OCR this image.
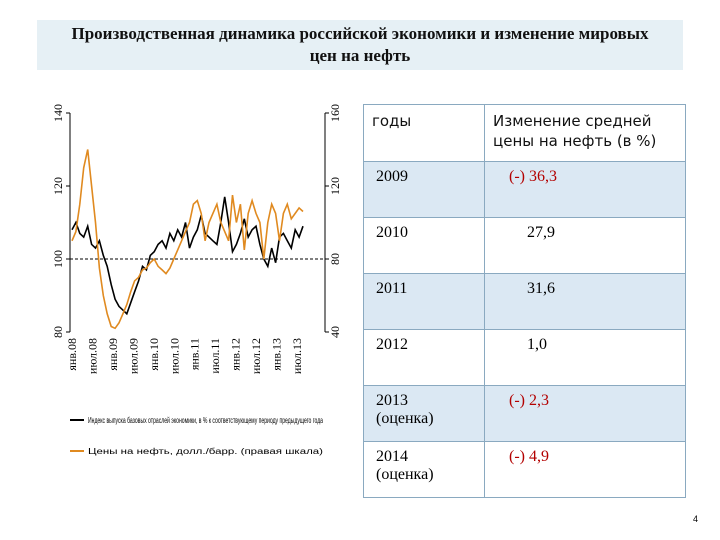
Производственная динамика российской экономики и изменение мировых цен на нефть
140
120
100
80
160
120
80
40
янв.08 июл.08 янв.09 июл.09 янв.10 июл.10 янв.11 июл.11 янв.12 июл.12 янв.13 июл.13
Индекс выпуска базовых отраслей экономики, в % к соответствующему периоду предыдущего года
Цены на нефть, долл./барр. (правая шкала)
годы	Изменение средней цены на нефть (в %)

2009	(-) 36,3

2010	27,9

2011	31,6

2012	1,0

2013
(оценка)	(-) 2,3

2014
(оценка)	(-) 4,9
4
